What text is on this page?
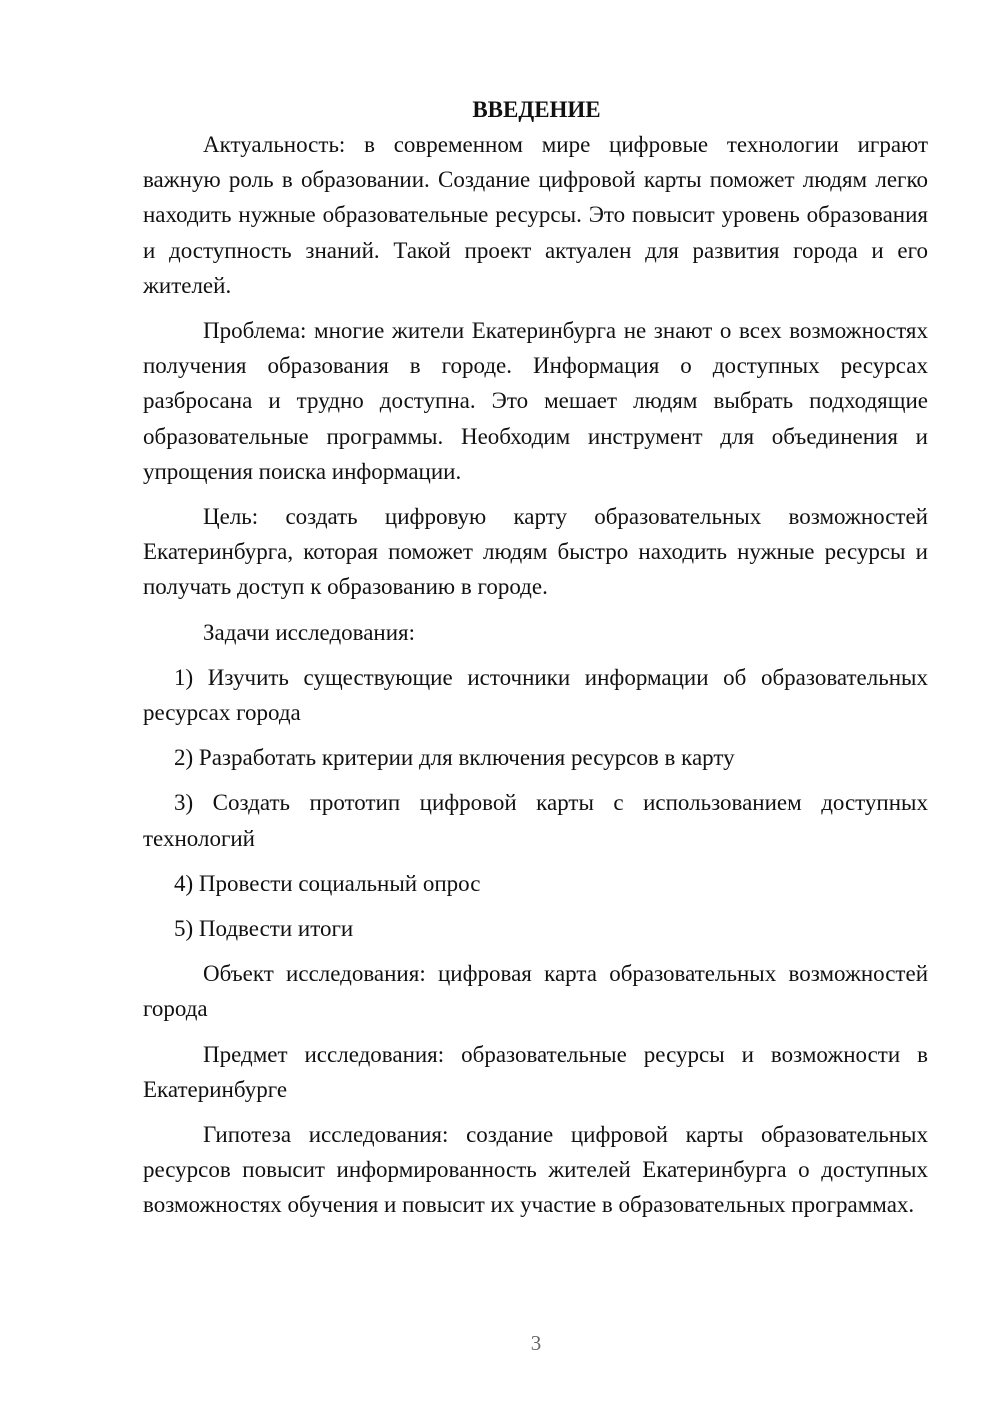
ВВЕДЕНИЕ

Актуальность: в современном мире цифровые технологии играют важную роль в образовании. Создание цифровой карты поможет людям легко находить нужные образовательные ресурсы. Это повысит уровень образования и доступность знаний. Такой проект актуален для развития города и его жителей.

Проблема: многие жители Екатеринбурга не знают о всех возможностях получения образования в городе. Информация о доступных ресурсах разбросана и трудно доступна. Это мешает людям выбрать подходящие образовательные программы. Необходим инструмент для объединения и упрощения поиска информации.

Цель: создать цифровую карту образовательных возможностей Екатеринбурга, которая поможет людям быстро находить нужные ресурсы и получать доступ к образованию в городе.

Задачи исследования:

1) Изучить существующие источники информации об образовательных ресурсах города

2) Разработать критерии для включения ресурсов в карту

3) Создать прототип цифровой карты с использованием доступных технологий

4) Провести социальный опрос

5) Подвести итоги

Объект исследования: цифровая карта образовательных возможностей города

Предмет исследования: образовательные ресурсы и возможности в Екатеринбурге

Гипотеза исследования: создание цифровой карты образовательных ресурсов повысит информированность жителей Екатеринбурга о доступных возможностях обучения и повысит их участие в образовательных программах.

3
